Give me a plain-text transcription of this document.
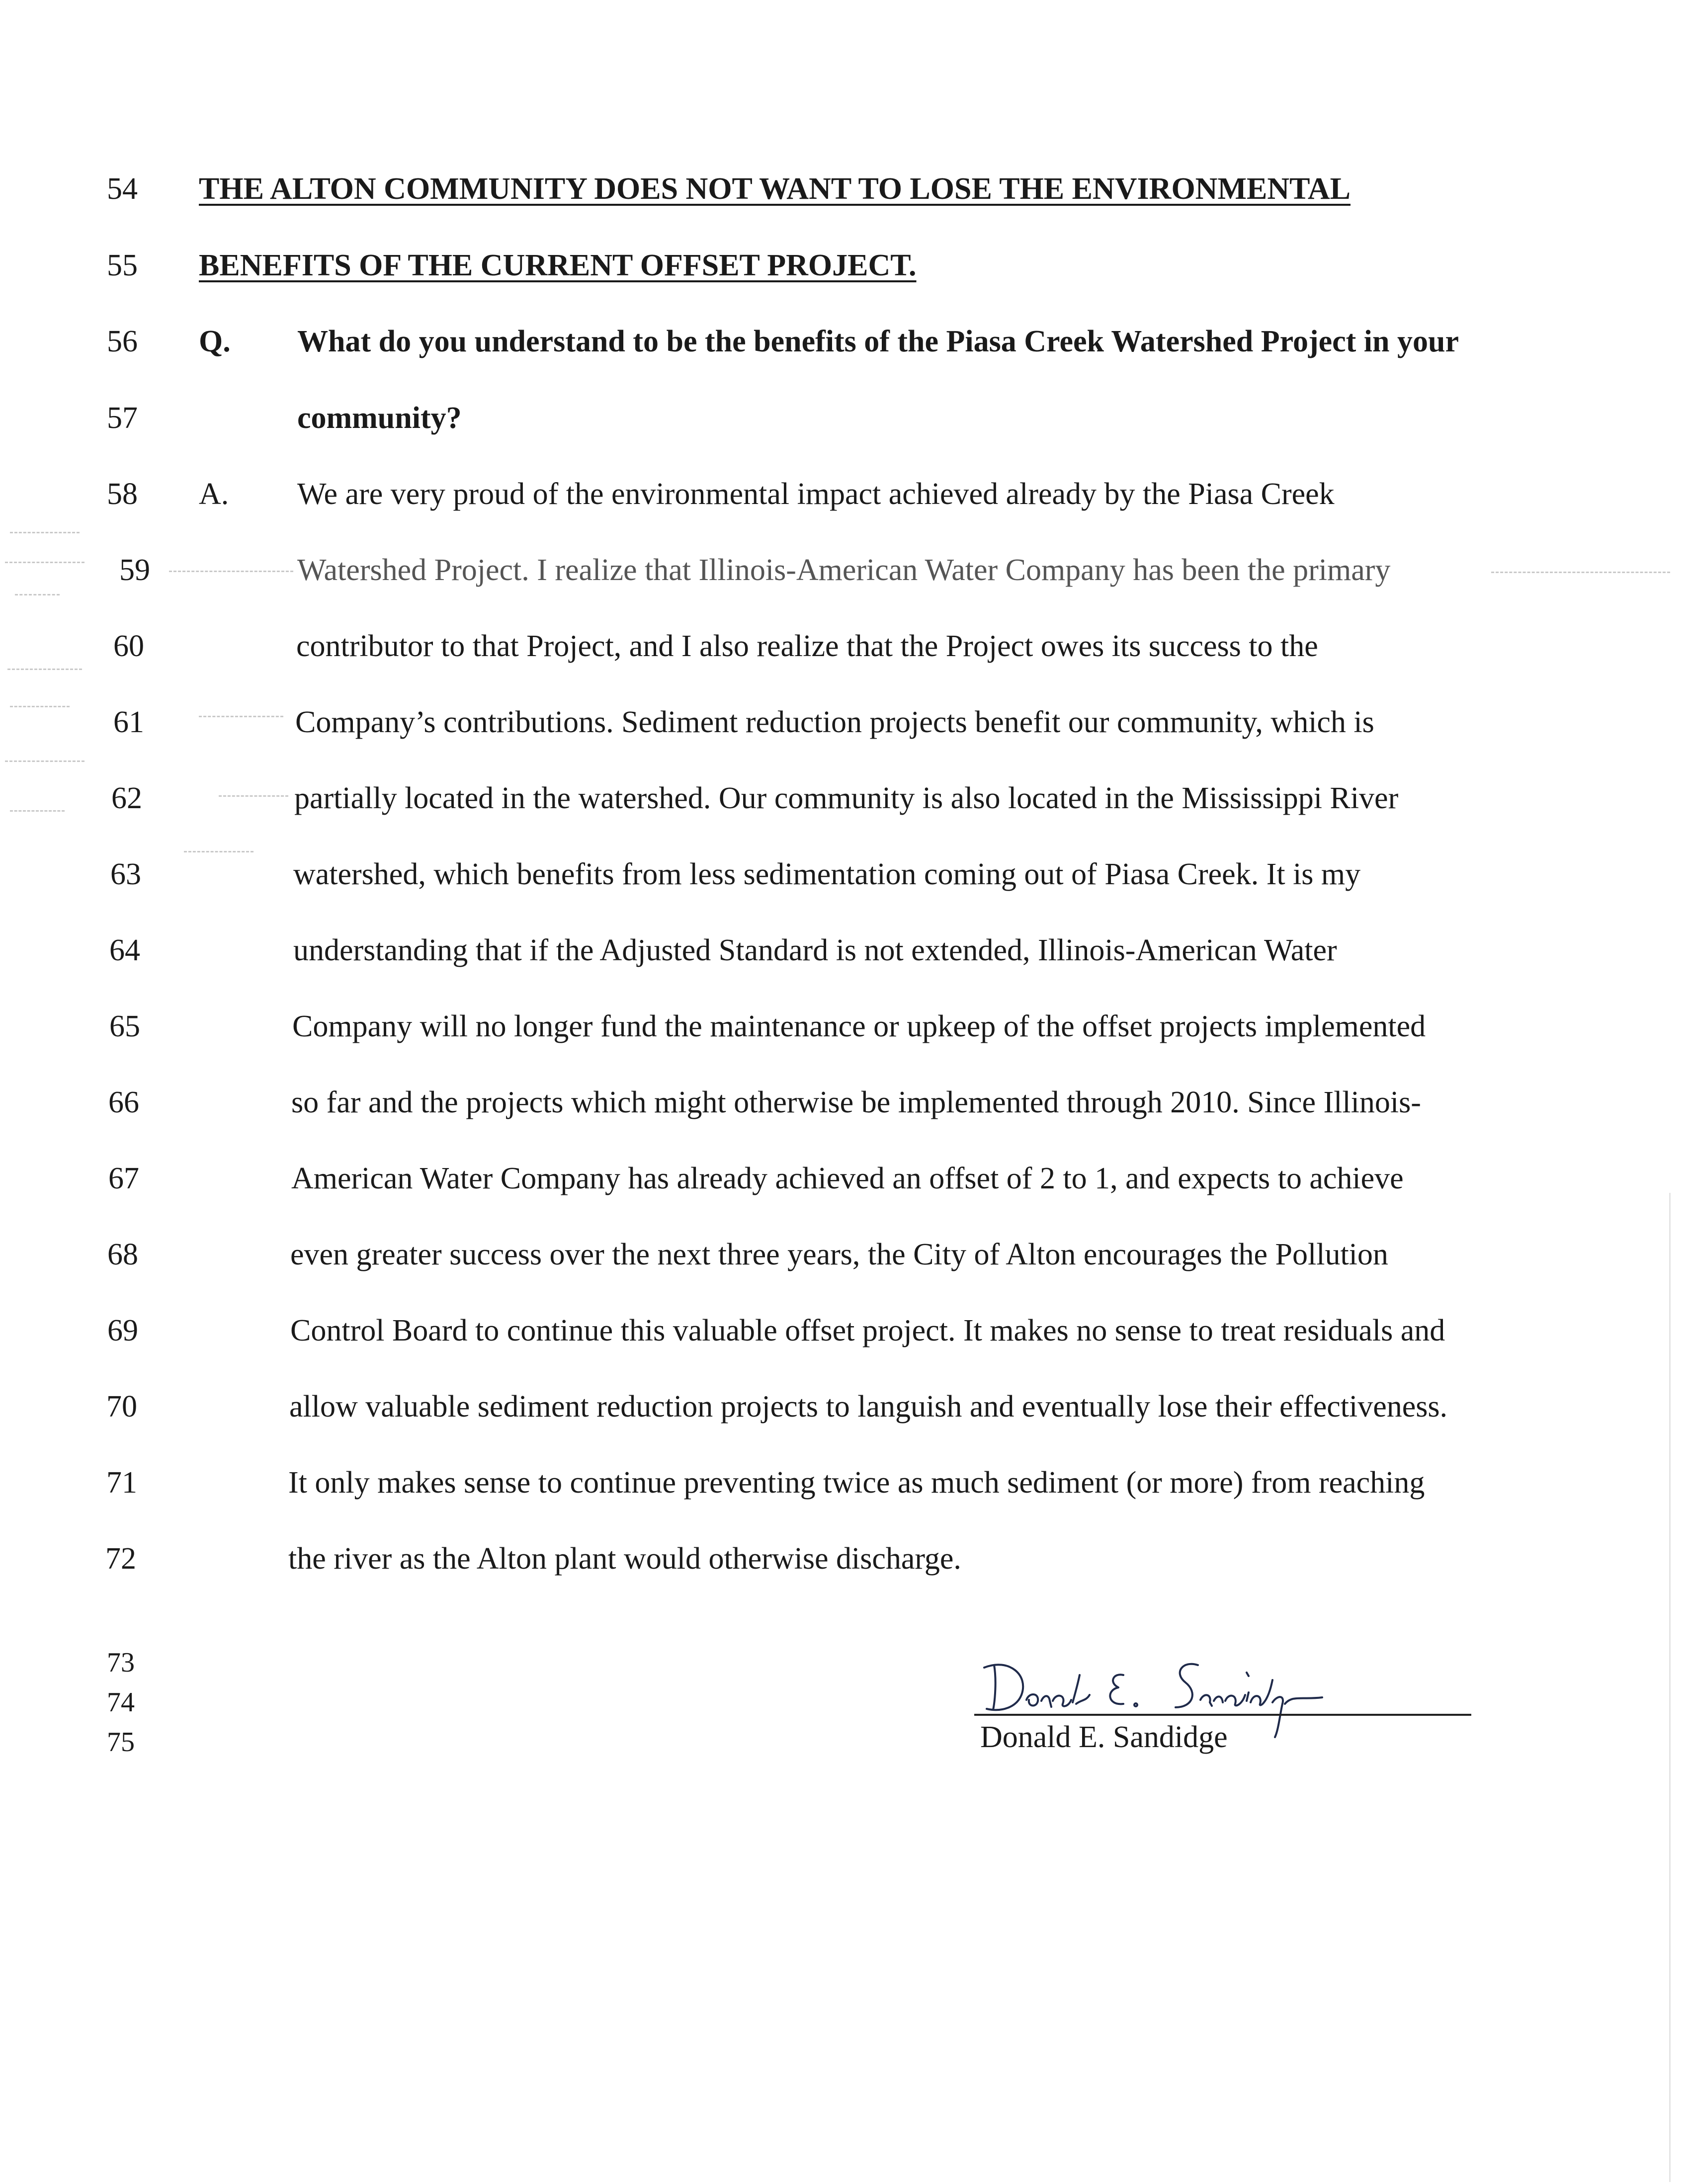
54	THE ALTON COMMUNITY DOES NOT WANT TO LOSE THE ENVIRONMENTAL
55	BENEFITS OF THE CURRENT OFFSET PROJECT.
56	Q. What do you understand to be the benefits of the Piasa Creek Watershed Project in your
57	community?
58	A. We are very proud of the environmental impact achieved already by the Piasa Creek
59	Watershed Project. I realize that Illinois-American Water Company has been the primary
60	contributor to that Project, and I also realize that the Project owes its success to the
61	Company’s contributions. Sediment reduction projects benefit our community, which is
62	partially located in the watershed. Our community is also located in the Mississippi River
63	watershed, which benefits from less sedimentation coming out of Piasa Creek. It is my
64	understanding that if the Adjusted Standard is not extended, Illinois-American Water
65	Company will no longer fund the maintenance or upkeep of the offset projects implemented
66	so far and the projects which might otherwise be implemented through 2010. Since Illinois-
67	American Water Company has already achieved an offset of 2 to 1, and expects to achieve
68	even greater success over the next three years, the City of Alton encourages the Pollution
69	Control Board to continue this valuable offset project. It makes no sense to treat residuals and
70	allow valuable sediment reduction projects to languish and eventually lose their effectiveness.
71	It only makes sense to continue preventing twice as much sediment (or more) from reaching
72	the river as the Alton plant would otherwise discharge.
73
74
75	Donald E. Sandidge
